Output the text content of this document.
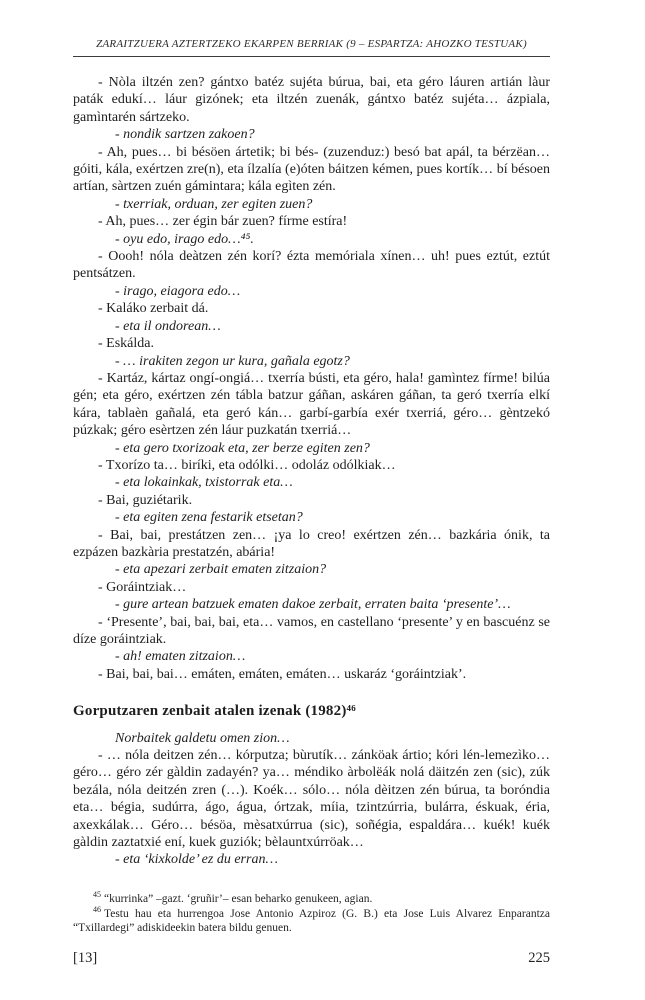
ZARAITZUERA AZTERTZEKO EKARPEN BERRIAK (9 – ESPARTZA: AHOZKO TESTUAK)

- Nòla iltzén zen? gántxo batéz sujéta búrua, bai, eta géro láuren artián làur paták edukí… láur gizónek; eta iltzén zuenák, gántxo batéz sujéta… ázpiala, gamìntarén sártzeko.

- nondik sartzen zakoen?

- Ah, pues… bi bésöen ártetik; bi bés- (zuzenduz:) besó bat apál, ta bérzëan… góiti, kála, exértzen zre(n), eta ílzalía (e)óten báitzen kémen, pues kortík… bí bésoen artían, sàrtzen zuén gámintara; kála egìten zén.

- txerriak, orduan, zer egiten zuen?

- Ah, pues… zer égin bár zuen? fírme estíra!

- oyu edo, irago edo…⁴⁵.

- Oooh! nóla deàtzen zén korí? ézta memóriala xínen… uh! pues eztút, eztút pentsátzen.

- irago, eiagora edo…

- Kaláko zerbait dá.

- eta il ondorean…

- Eskálda.

- … irakiten zegon ur kura, gañala egotz?

- Kartáz, kártaz ongí-ongiá… txerría bústi, eta géro, hala! gamìntez fírme! bilúa gén; eta géro, exértzen zén tábla batzur gáñan, askáren gáñan, ta geró txerría elkí kára, tablaèn gañalá, eta geró kán… garbí-garbía exér txerriá, géro… gèntzekó púzkak; géro esèrtzen zén láur puzkatán txerriá…

- eta gero txorizoak eta, zer berze egiten zen?

- Txorízo ta… biríki, eta odólki… odoláz odólkiak…

- eta lokainkak, txistorrak eta…

- Bai, guziétarik.

- eta egiten zena festarik etsetan?

- Bai, bai, prestátzen zen… ¡ya lo creo! exértzen zén… bazkária ónik, ta ezpázen bazkària prestatzén, abária!

- eta apezari zerbait ematen zitzaion?

- Goráintziak…

- gure artean batzuek ematen dakoe zerbait, erraten baita ‘presente’…

- ‘Presente’, bai, bai, bai, eta… vamos, en castellano ‘presente’ y en bascuénz se díze goráintziak.

- ah! ematen zitzaion…

- Bai, bai, bai… emáten, emáten, emáten… uskaráz ‘goráintziak’.

Gorputzaren zenbait atalen izenak (1982)⁴⁶

Norbaitek galdetu omen zion…

- … nóla deitzen zén… kórputza; bùrutík… zánköak ártio; kóri lén-lemezìko… géro… géro zér gàldin zadayén? ya… méndiko àrbolëák nolá däitzén zen (sic), zúk bezála, nóla deitzén zren (…). Koék… sólo… nóla dèitzen zén búrua, ta boróndia eta… bégia, sudúrra, ágo, água, órtzak, míia, tzintzúrria, bulárra, éskuak, éria, axexkálak… Géro… bésöa, mèsatxúrrua (sic), soñégia, espaldára… kuék! kuék gàldin zaztatxié ení, kuek guziók; bèlauntxúrröak…

- eta ‘kixkolde’ ez du erran…

$^{45}$ “kurrinka” –gazt. ‘gruñir’– esan beharko genukeen, agian.

$^{46}$ Testu hau eta hurrengoa Jose Antonio Azpiroz (G. B.) eta Jose Luis Alvarez Enparantza “Txillardegi” adiskideekin batera bildu genuen.

[13]	225
